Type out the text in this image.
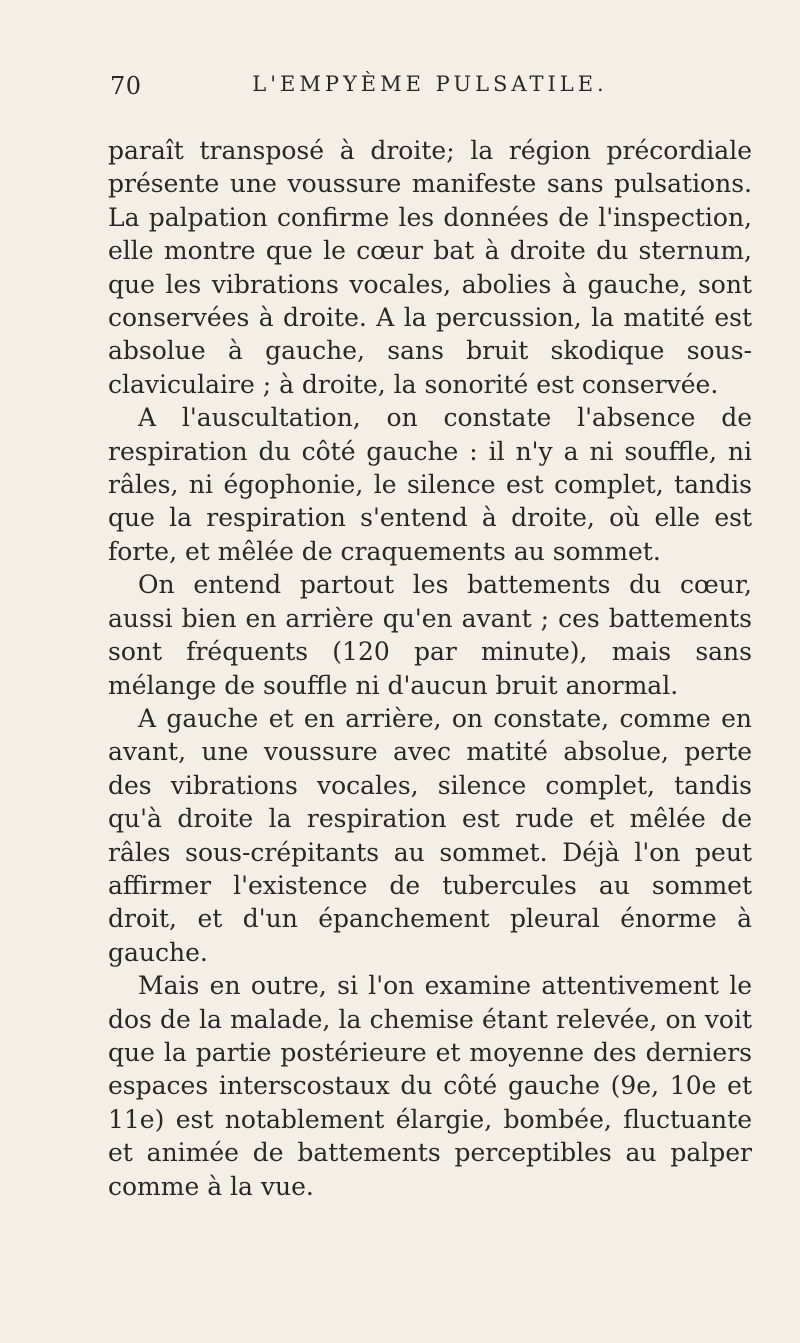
70	L'EMPYÈME PULSATILE.

paraît transposé à droite; la région précordiale présente une voussure manifeste sans pulsations. La palpation confirme les données de l'inspection, elle montre que le cœur bat à droite du sternum, que les vibrations vocales, abolies à gauche, sont conservées à droite. A la percussion, la matité est absolue à gauche, sans bruit skodique sous-claviculaire ; à droite, la sonorité est conservée.

A l'auscultation, on constate l'absence de respiration du côté gauche : il n'y a ni souffle, ni râles, ni égophonie, le silence est complet, tandis que la respiration s'entend à droite, où elle est forte, et mêlée de craquements au sommet.

On entend partout les battements du cœur, aussi bien en arrière qu'en avant ; ces battements sont fréquents (120 par minute), mais sans mélange de souffle ni d'aucun bruit anormal.

A gauche et en arrière, on constate, comme en avant, une voussure avec matité absolue, perte des vibrations vocales, silence complet, tandis qu'à droite la respiration est rude et mêlée de râles sous-crépitants au sommet. Déjà l'on peut affirmer l'existence de tubercules au sommet droit, et d'un épanchement pleural énorme à gauche.

Mais en outre, si l'on examine attentivement le dos de la malade, la chemise étant relevée, on voit que la partie postérieure et moyenne des derniers espaces interscostaux du côté gauche (9e, 10e et 11e) est notablement élargie, bombée, fluctuante et animée de battements perceptibles au palper comme à la vue.
